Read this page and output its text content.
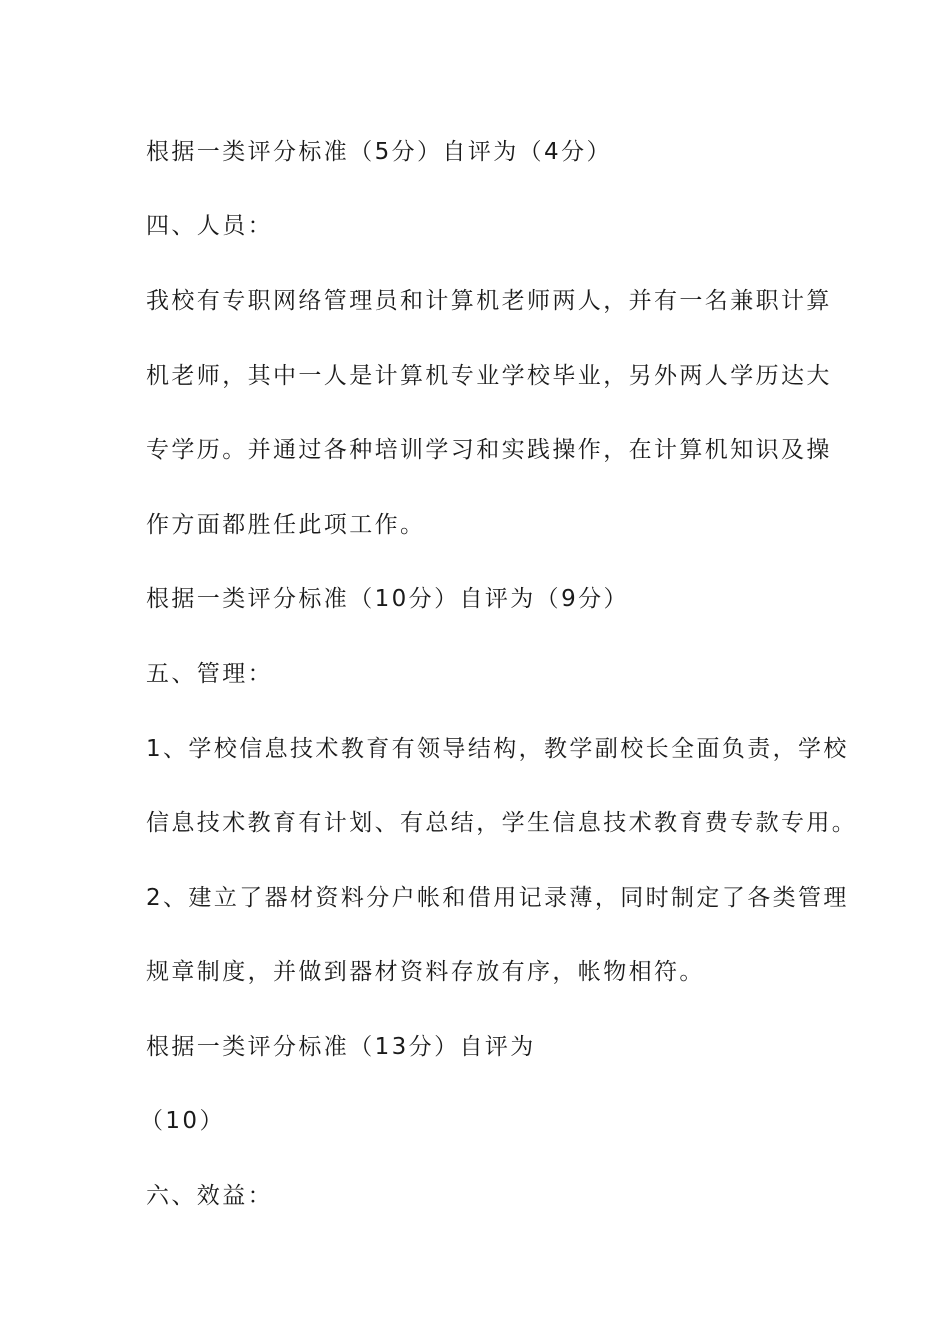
根据一类评分标准（5分）自评为（4分）
四、人员：
我校有专职网络管理员和计算机老师两人，并有一名兼职计算
机老师，其中一人是计算机专业学校毕业，另外两人学历达大
专学历。并通过各种培训学习和实践操作，在计算机知识及操
作方面都胜任此项工作。
根据一类评分标准（10分）自评为（9分）
五、管理：
1、学校信息技术教育有领导结构，教学副校长全面负责，学校
信息技术教育有计划、有总结，学生信息技术教育费专款专用。
2、建立了器材资料分户帐和借用记录薄，同时制定了各类管理
规章制度，并做到器材资料存放有序，帐物相符。
根据一类评分标准（13分）自评为
（10）
六、效益：
